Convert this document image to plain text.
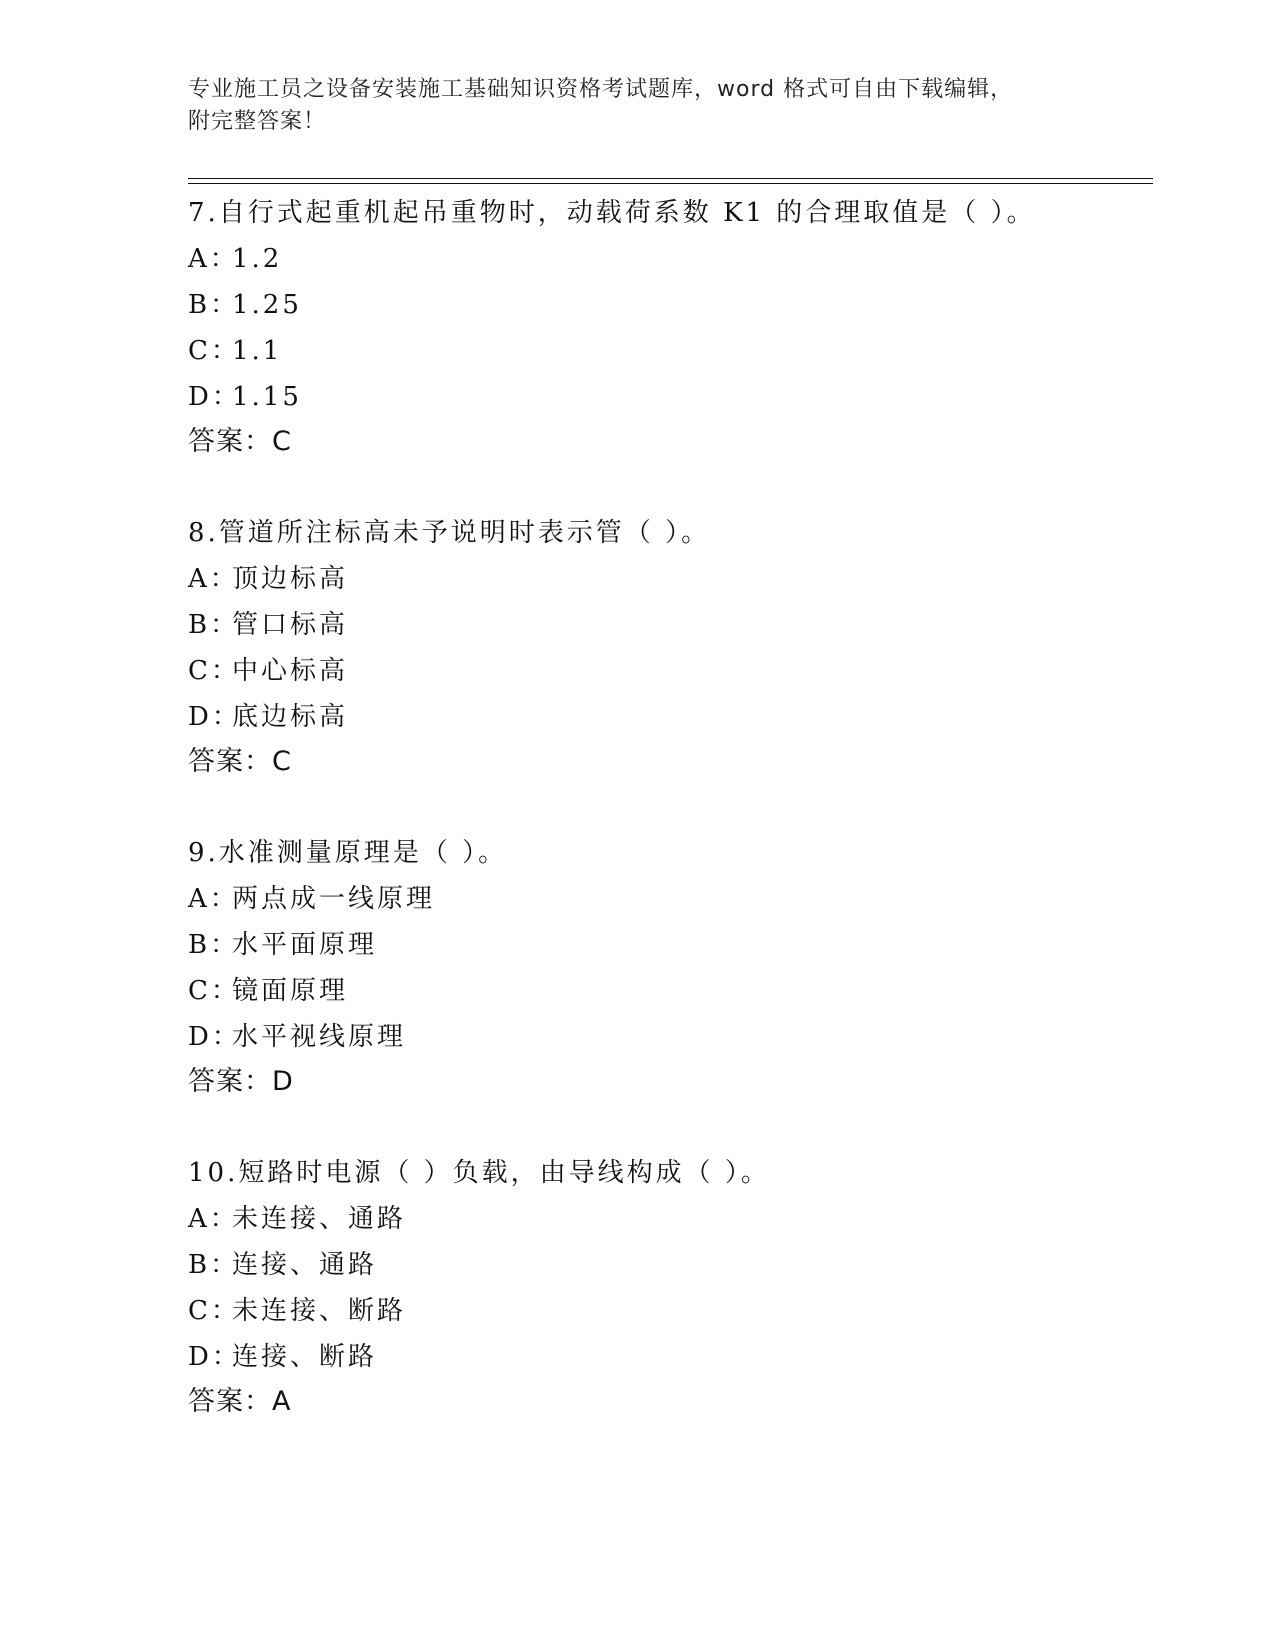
专业施工员之设备安装施工基础知识资格考试题库，word 格式可自由下载编辑，
附完整答案！
7.自行式起重机起吊重物时，动载荷系数 K1 的合理取值是（ ）。
A：1.2
B：1.25
C：1.1
D：1.15
答案：C
8.管道所注标高未予说明时表示管（ ）。
A：顶边标高
B：管口标高
C：中心标高
D：底边标高
答案：C
9.水准测量原理是（ ）。
A：两点成一线原理
B：水平面原理
C：镜面原理
D：水平视线原理
答案：D
10.短路时电源（ ）负载，由导线构成（ ）。
A：未连接、通路
B：连接、通路
C：未连接、断路
D：连接、断路
答案：A
